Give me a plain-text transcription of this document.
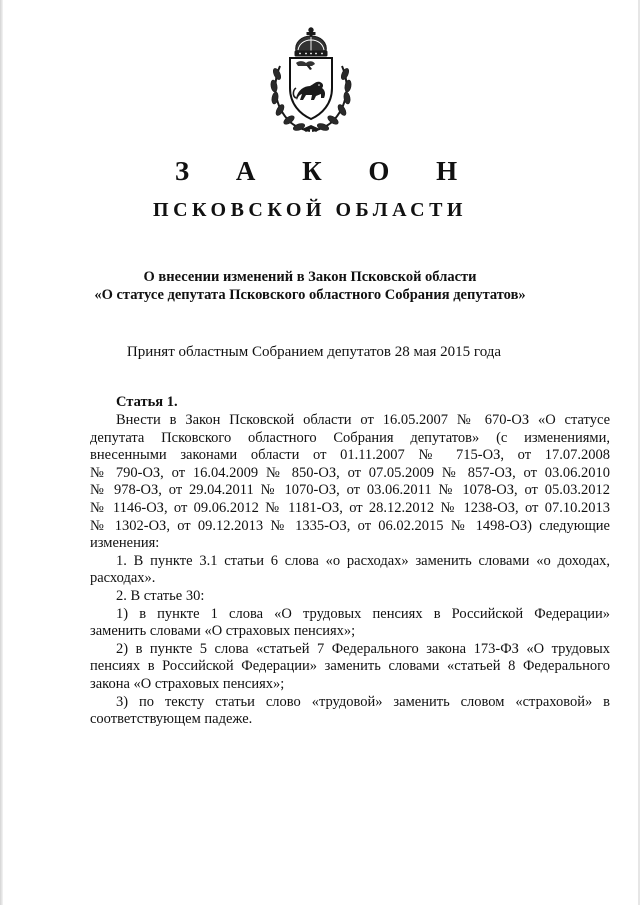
З А К О Н
ПСКОВСКОЙ ОБЛАСТИ
О внесении изменений в Закон Псковской области
«О статусе депутата Псковского областного Собрания депутатов»
Принят областным Собранием депутатов 28 мая 2015 года
Статья 1.
Внести в Закон Псковской области от 16.05.2007 № 670-ОЗ «О статусе
депутата Псковского областного Собрания депутатов» (с изменениями,
внесенными законами области от 01.11.2007 № 715-ОЗ, от 17.07.2008
№ 790-ОЗ, от 16.04.2009 № 850-ОЗ, от 07.05.2009 № 857-ОЗ, от 03.06.2010
№ 978-ОЗ, от 29.04.2011 № 1070-ОЗ, от 03.06.2011 № 1078-ОЗ, от 05.03.2012
№ 1146-ОЗ, от 09.06.2012 № 1181-ОЗ, от 28.12.2012 № 1238-ОЗ, от 07.10.2013
№ 1302-ОЗ, от 09.12.2013 № 1335-ОЗ, от 06.02.2015 № 1498-ОЗ) следующие
изменения:
1. В пункте 3.1 статьи 6 слова «о расходах» заменить словами «о доходах,
расходах».
2. В статье 30:
1) в пункте 1 слова «О трудовых пенсиях в Российской Федерации»
заменить словами «О страховых пенсиях»;
2) в пункте 5 слова «статьей 7 Федерального закона 173-ФЗ «О трудовых
пенсиях в Российской Федерации» заменить словами «статьей 8 Федерального
закона «О страховых пенсиях»;
3) по тексту статьи слово «трудовой» заменить словом «страховой» в
соответствующем падеже.
